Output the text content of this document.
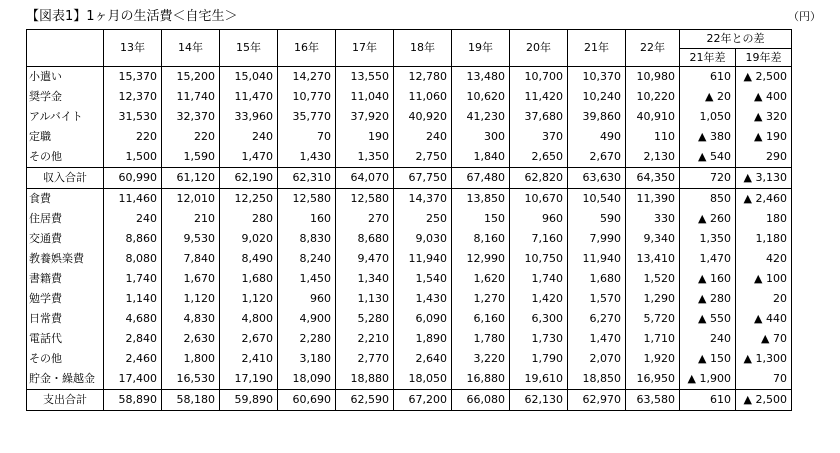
【図表1】1ヶ月の生活費＜自宅生＞	（円）
	13年	14年	15年	16年	17年	18年	19年	20年	21年	22年	22年との差	
											21年差	19年差
小遣い	15,370	15,200	15,040	14,270	13,550	12,780	13,480	10,700	10,370	10,980	610	▲ 2,500
奨学金	12,370	11,740	11,470	10,770	11,040	11,060	10,620	11,420	10,240	10,220	▲ 20	▲ 400
アルバイト	31,530	32,370	33,960	35,770	37,920	40,920	41,230	37,680	39,860	40,910	1,050	▲ 320
定職	220	220	240	70	190	240	300	370	490	110	▲ 380	▲ 190
その他	1,500	1,590	1,470	1,430	1,350	2,750	1,840	2,650	2,670	2,130	▲ 540	290
収入合計	60,990	61,120	62,190	62,310	64,070	67,750	67,480	62,820	63,630	64,350	720	▲ 3,130
食費	11,460	12,010	12,250	12,580	12,580	14,370	13,850	10,670	10,540	11,390	850	▲ 2,460
住居費	240	210	280	160	270	250	150	960	590	330	▲ 260	180
交通費	8,860	9,530	9,020	8,830	8,680	9,030	8,160	7,160	7,990	9,340	1,350	1,180
教養娯楽費	8,080	7,840	8,490	8,240	9,470	11,940	12,990	10,750	11,940	13,410	1,470	420
書籍費	1,740	1,670	1,680	1,450	1,340	1,540	1,620	1,740	1,680	1,520	▲ 160	▲ 100
勉学費	1,140	1,120	1,120	960	1,130	1,430	1,270	1,420	1,570	1,290	▲ 280	20
日常費	4,680	4,830	4,800	4,900	5,280	6,090	6,160	6,300	6,270	5,720	▲ 550	▲ 440
電話代	2,840	2,630	2,670	2,280	2,210	1,890	1,780	1,730	1,470	1,710	240	▲ 70
その他	2,460	1,800	2,410	3,180	2,770	2,640	3,220	1,790	2,070	1,920	▲ 150	▲ 1,300
貯金・繰越金	17,400	16,530	17,190	18,090	18,880	18,050	16,880	19,610	18,850	16,950	▲ 1,900	70
支出合計	58,890	58,180	59,890	60,690	62,590	67,200	66,080	62,130	62,970	63,580	610	▲ 2,500
